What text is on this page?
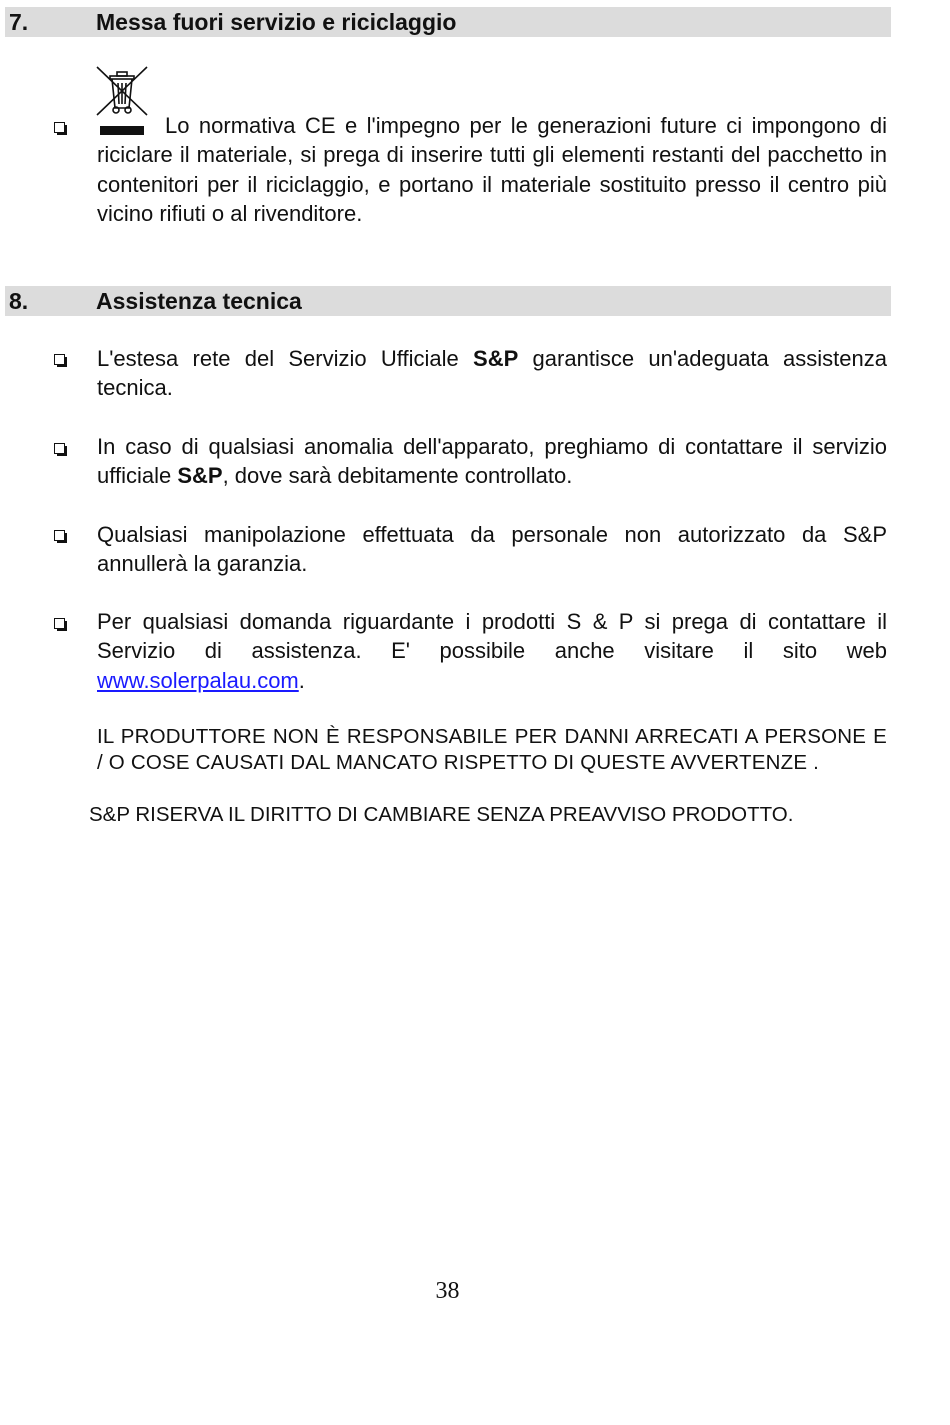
7.	Messa fuori servizio e riciclaggio
Lo normativa CE e l'impegno per le generazioni future ci impongono di riciclare il materiale, si prega di inserire tutti gli elementi restanti del pacchetto in contenitori per il riciclaggio, e portano il materiale sostituito presso il centro più vicino rifiuti o al rivenditore.
8.	Assistenza tecnica
L'estesa rete del Servizio Ufficiale S&P garantisce un'adeguata assistenza tecnica.
In caso di qualsiasi anomalia dell'apparato, preghiamo di contattare il servizio ufficiale S&P, dove sarà debitamente controllato.
Qualsiasi manipolazione effettuata da personale non autorizzato da S&P annullerà la garanzia.
Per qualsiasi domanda riguardante i prodotti S & P si prega di contattare il Servizio di assistenza. E' possibile anche visitare il sito web www.solerpalau.com.
IL PRODUTTORE NON È RESPONSABILE PER DANNI ARRECATI A PERSONE E / O COSE CAUSATI DAL MANCATO RISPETTO DI QUESTE AVVERTENZE .
S&P RISERVA IL DIRITTO DI CAMBIARE SENZA PREAVVISO PRODOTTO.
38
